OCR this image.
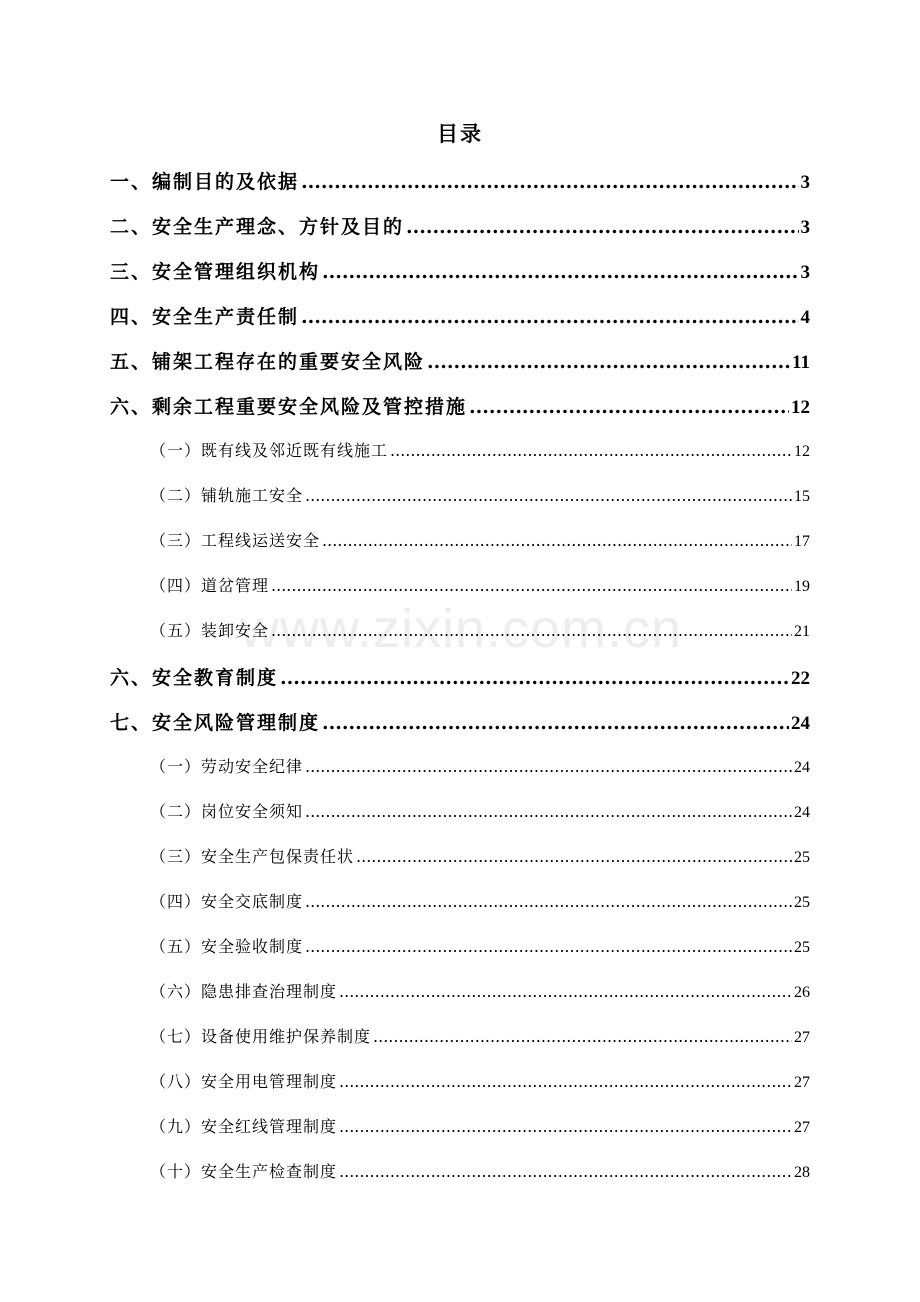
目录
一、编制目的及依据 .....	3
二、安全生产理念、方针及目的 .....	3
三、安全管理组织机构 .....	3
四、安全生产责任制 .....	4
五、铺架工程存在的重要安全风险 .....	11
六、剩余工程重要安全风险及管控措施 .....	12
（一）既有线及邻近既有线施工 .....	12
（二）铺轨施工安全 .....	15
（三）工程线运送安全 .....	17
（四）道岔管理 .....	19
（五）装卸安全 .....	21
六、安全教育制度 .....	22
七、安全风险管理制度 .....	24
（一）劳动安全纪律 .....	24
（二）岗位安全须知 .....	24
（三）安全生产包保责任状 .....	25
（四）安全交底制度 .....	25
（五）安全验收制度 .....	25
（六）隐患排查治理制度 .....	26
（七）设备使用维护保养制度 .....	27
（八）安全用电管理制度 .....	27
（九）安全红线管理制度 .....	27
（十）安全生产检查制度 .....	28
www.zixin.com.cn
